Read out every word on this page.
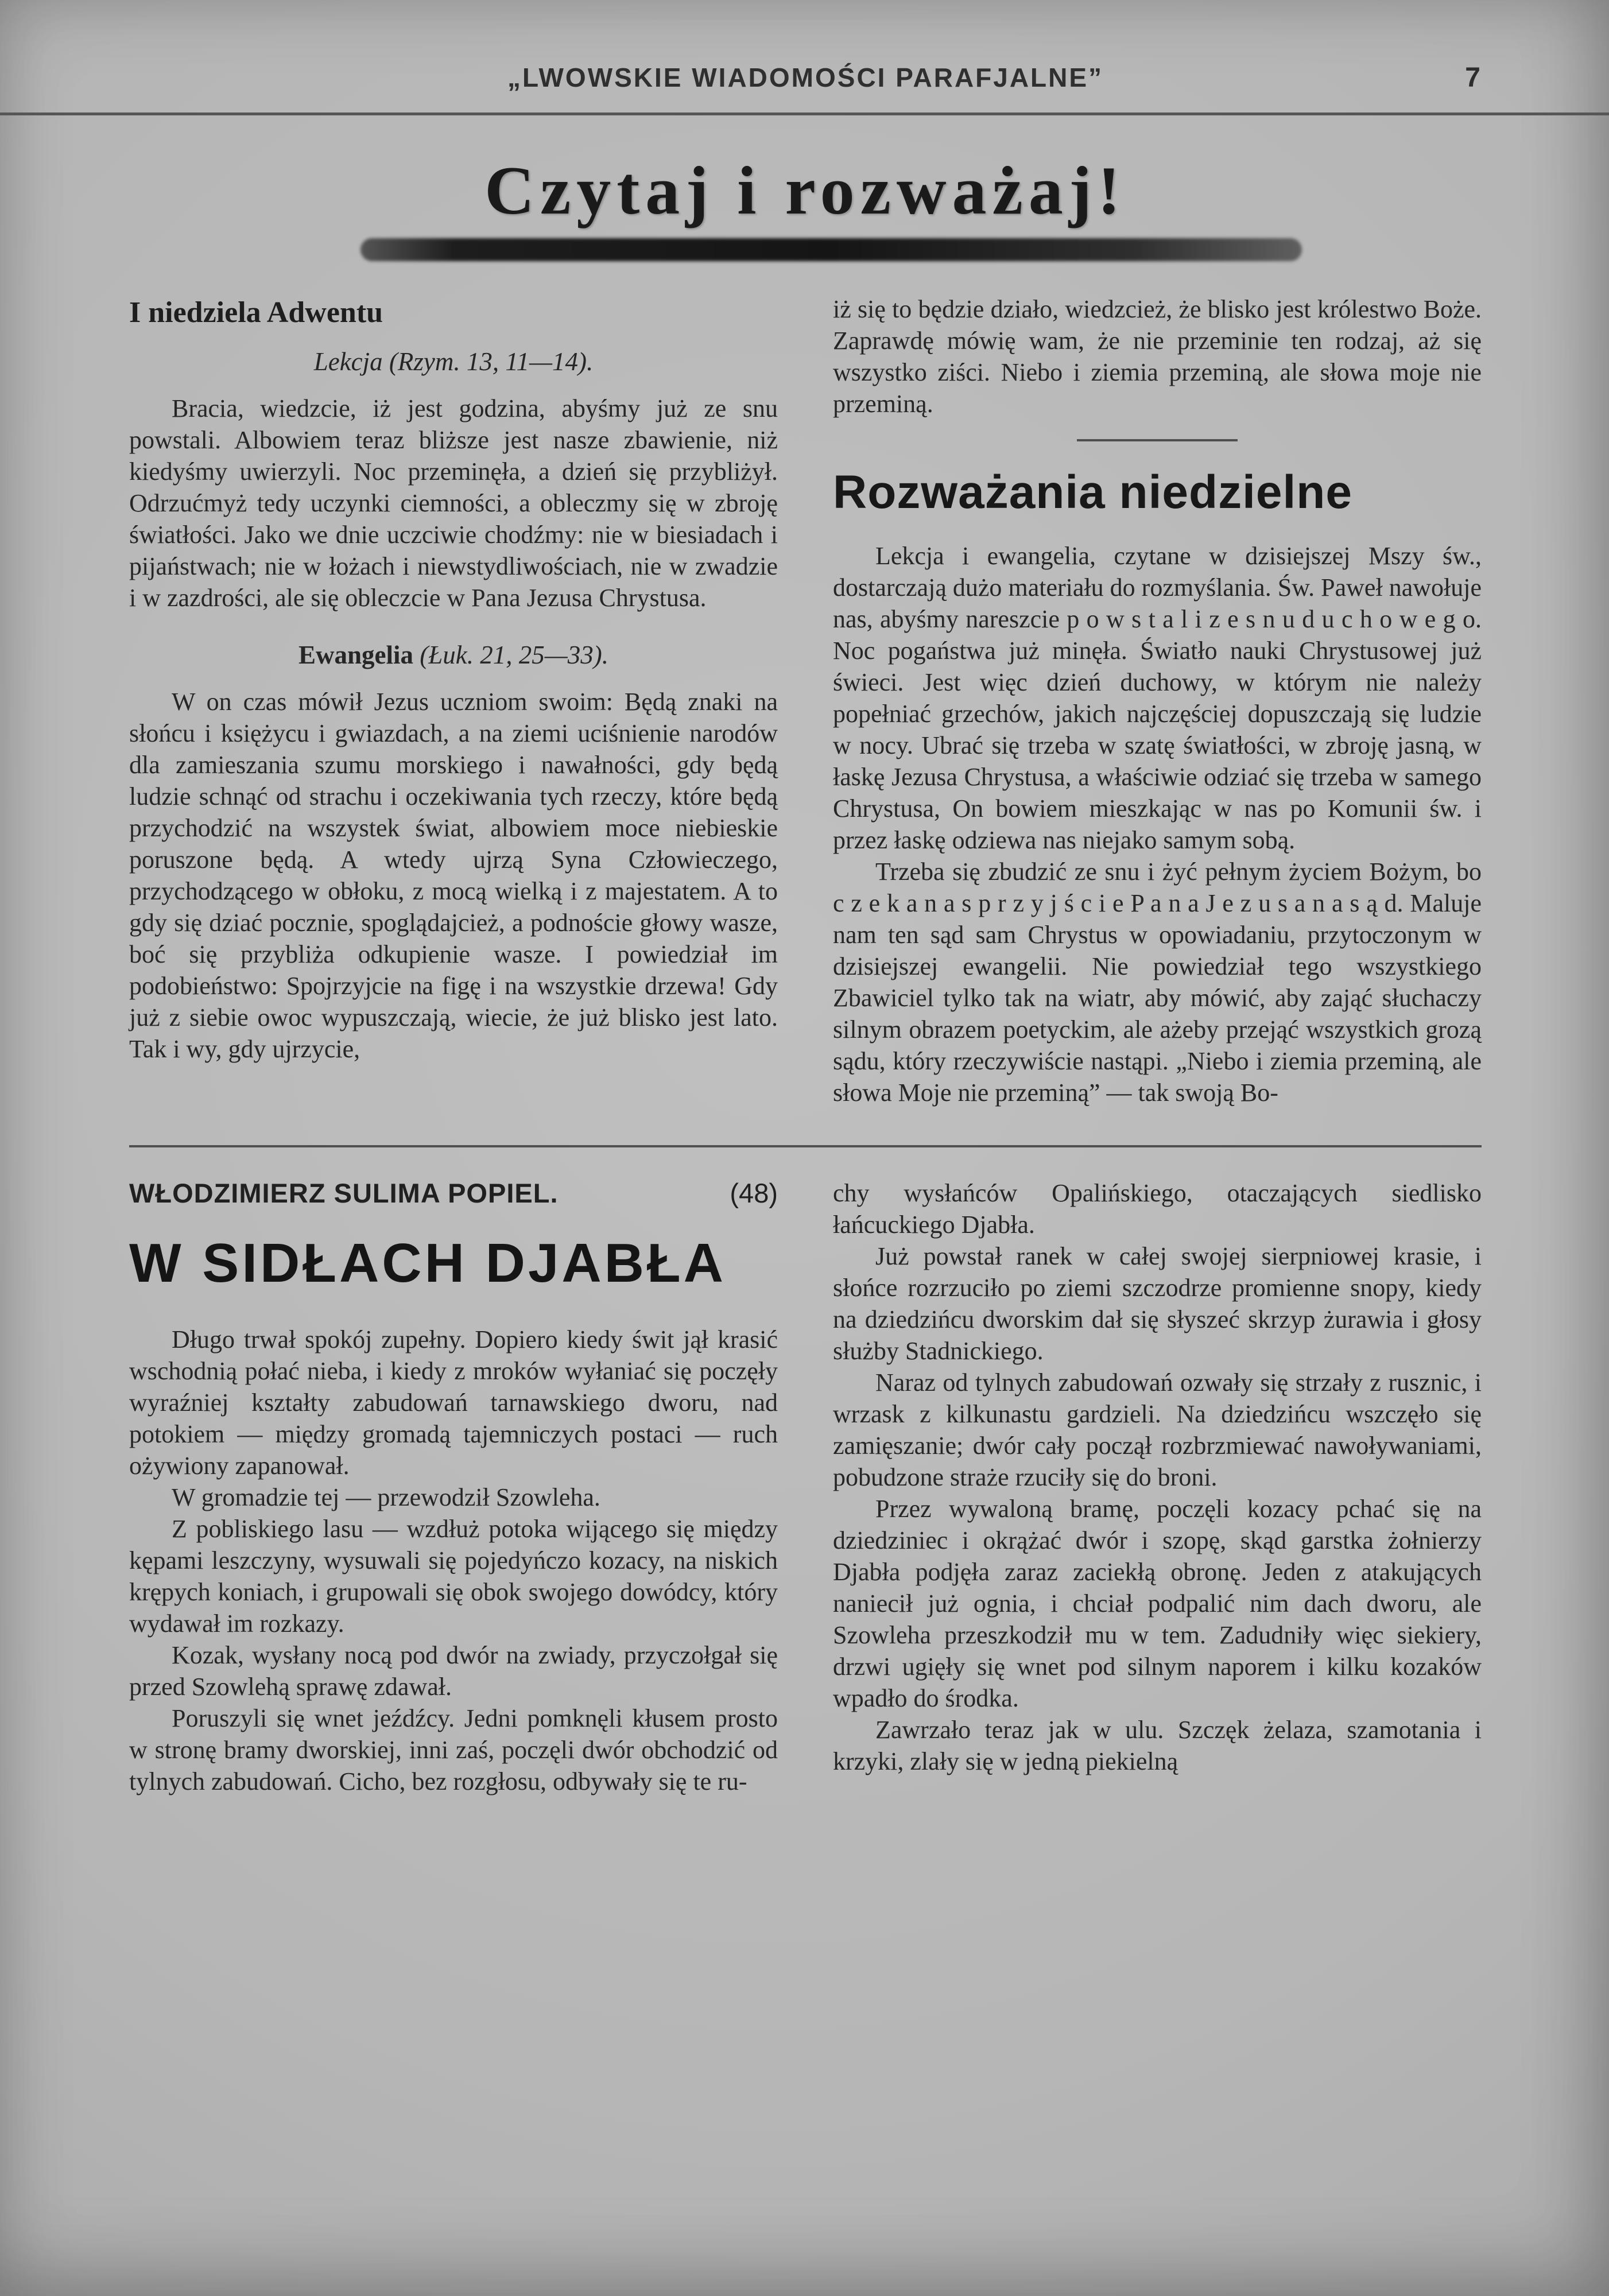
„LWOWSKIE WIADOMOŚCI PARAFJALNE”	7
Czytaj i rozważaj!
I niedziela Adwentu
Lekcja (Rzym. 13, 11—14).

Bracia, wiedzcie, iż jest godzina, abyśmy już ze snu powstali. Albowiem teraz bliższe jest nasze zbawienie, niż kiedyśmy uwierzyli. Noc przeminęła, a dzień się przybliżył. Odrzućmyż tedy uczynki ciemności, a obleczmy się w zbroję światłości. Jako we dnie uczciwie chodźmy: nie w biesiadach i pijaństwach; nie w łożach i niewstydliwościach, nie w zwadzie i w zazdrości, ale się obleczcie w Pana Jezusa Chrystusa.

Ewangelia (Łuk. 21, 25—33).

W on czas mówił Jezus uczniom swoim: Będą znaki na słońcu i księżycu i gwiazdach, a na ziemi uciśnienie narodów dla zamieszania szumu morskiego i nawałności, gdy będą ludzie schnąć od strachu i oczekiwania tych rzeczy, które będą przychodzić na wszystek świat, albowiem moce niebieskie poruszone będą. A wtedy ujrzą Syna Człowieczego, przychodzącego w obłoku, z mocą wielką i z majestatem. A to gdy się dziać pocznie, spoglądajcież, a podnoście głowy wasze, boć się przybliża odkupienie wasze. I powiedział im podobieństwo: Spojrzyjcie na figę i na wszystkie drzewa! Gdy już z siebie owoc wypuszczają, wiecie, że już blisko jest lato. Tak i wy, gdy ujrzycie,

iż się to będzie działo, wiedzcież, że blisko jest królestwo Boże. Zaprawdę mówię wam, że nie przeminie ten rodzaj, aż się wszystko ziści. Niebo i ziemia przeminą, ale słowa moje nie przeminą.

Rozważania niedzielne

Lekcja i ewangelia, czytane w dzisiejszej Mszy św., dostarczają dużo materiału do rozmyślania. Św. Paweł nawołuje nas, abyśmy nareszcie p o w s t a l i z e s n u d u c h o w e g o. Noc pogaństwa już minęła. Światło nauki Chrystusowej już świeci. Jest więc dzień duchowy, w którym nie należy popełniać grzechów, jakich najczęściej dopuszczają się ludzie w nocy. Ubrać się trzeba w szatę światłości, w zbroję jasną, w łaskę Jezusa Chrystusa, a właściwie odziać się trzeba w samego Chrystusa, On bowiem mieszkając w nas po Komunii św. i przez łaskę odziewa nas niejako samym sobą.

Trzeba się zbudzić ze snu i żyć pełnym życiem Bożym, bo c z e k a n a s p r z y j ś c i e P a n a J e z u s a n a s ą d. Maluje nam ten sąd sam Chrystus w opowiadaniu, przytoczonym w dzisiejszej ewangelii. Nie powiedział tego wszystkiego Zbawiciel tylko tak na wiatr, aby mówić, aby zająć słuchaczy silnym obrazem poetyckim, ale ażeby przejąć wszystkich grozą sądu, który rzeczywiście nastąpi. „Niebo i ziemia przeminą, ale słowa Moje nie przeminą” — tak swoją Bo-

WŁODZIMIERZ SULIMA POPIEL.	(48)
W SIDŁACH DJABŁA

Długo trwał spokój zupełny. Dopiero kiedy świt jął krasić wschodnią połać nieba, i kiedy z mroków wyłaniać się poczęły wyraźniej kształty zabudowań tarnawskiego dworu, nad potokiem — między gromadą tajemniczych postaci — ruch ożywiony zapanował.

W gromadzie tej — przewodził Szowleha.

Z pobliskiego lasu — wzdłuż potoka wijącego się między kępami leszczyny, wysuwali się pojedyńczo kozacy, na niskich krępych koniach, i grupowali się obok swojego dowódcy, który wydawał im rozkazy.

Kozak, wysłany nocą pod dwór na zwiady, przyczołgał się przed Szowlehą sprawę zdawał.

Poruszyli się wnet jeźdźcy. Jedni pomknęli kłusem prosto w stronę bramy dworskiej, inni zaś, poczęli dwór obchodzić od tylnych zabudowań. Cicho, bez rozgłosu, odbywały się te ru-

chy wysłańców Opalińskiego, otaczających siedlisko łańcuckiego Djabła.

Już powstał ranek w całej swojej sierpniowej krasie, i słońce rozrzuciło po ziemi szczodrze promienne snopy, kiedy na dziedzińcu dworskim dał się słyszeć skrzyp żurawia i głosy służby Stadnickiego.

Naraz od tylnych zabudowań ozwały się strzały z rusznic, i wrzask z kilkunastu gardzieli. Na dziedzińcu wszczęło się zamięszanie; dwór cały począł rozbrzmiewać nawoływaniami, pobudzone straże rzuciły się do broni.

Przez wywaloną bramę, poczęli kozacy pchać się na dziedziniec i okrążać dwór i szopę, skąd garstka żołnierzy Djabła podjęła zaraz zaciekłą obronę. Jeden z atakujących naniecił już ognia, i chciał podpalić nim dach dworu, ale Szowleha przeszkodził mu w tem. Zadudniły więc siekiery, drzwi ugięły się wnet pod silnym naporem i kilku kozaków wpadło do środka.

Zawrzało teraz jak w ulu. Szczęk żelaza, szamotania i krzyki, zlały się w jedną piekielną
